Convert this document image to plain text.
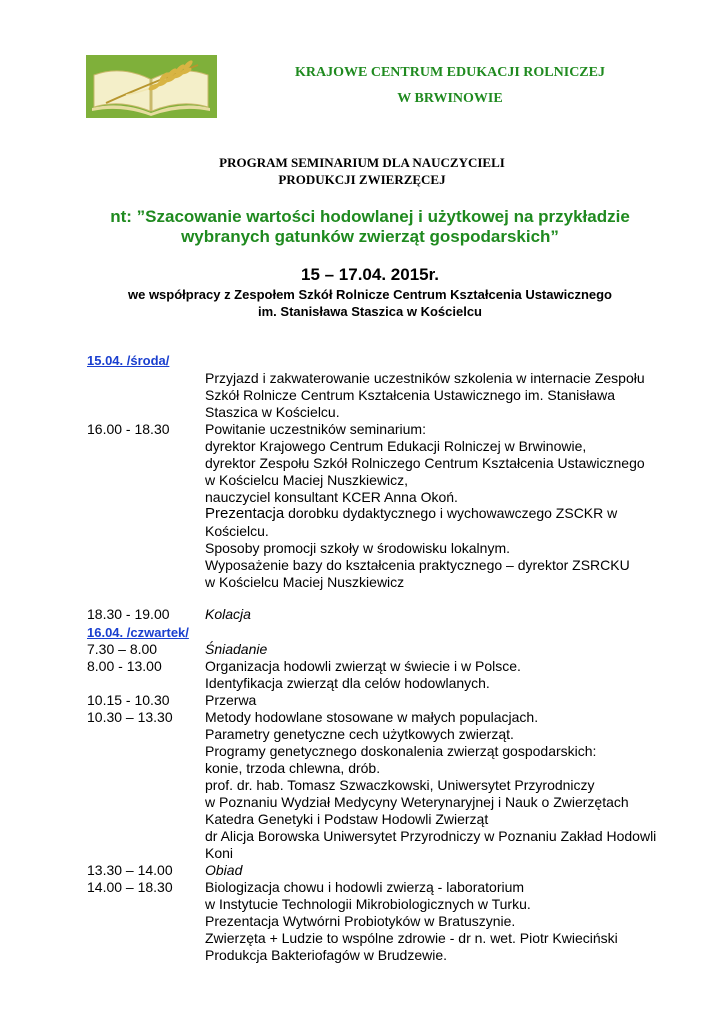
KRAJOWE CENTRUM EDUKACJI ROLNICZEJ
W BRWINOWIE
PROGRAM SEMINARIUM DLA NAUCZYCIELI
PRODUKCJI ZWIERZĘCEJ
nt: ”Szacowanie wartości hodowlanej i użytkowej na przykładzie
wybranych gatunków zwierząt gospodarskich”
15 – 17.04. 2015r.
we współpracy z Zespołem Szkół Rolnicze Centrum Kształcenia Ustawicznego
im. Stanisława Staszica w Kościelcu
15.04. /środa/
Przyjazd i zakwaterowanie uczestników szkolenia w internacie Zespołu
Szkół Rolnicze Centrum Kształcenia Ustawicznego im. Stanisława
Staszica w Kościelcu.
16.00 - 18.30	Powitanie uczestników seminarium:
dyrektor Krajowego Centrum Edukacji Rolniczej w Brwinowie,
dyrektor Zespołu Szkół Rolniczego Centrum Kształcenia Ustawicznego
w Kościelcu Maciej Nuszkiewicz,
nauczyciel konsultant KCER Anna Okoń.
Prezentacja dorobku dydaktycznego i wychowawczego ZSCKR w
Kościelcu.
Sposoby promocji szkoły w środowisku lokalnym.
Wyposażenie bazy do kształcenia praktycznego – dyrektor ZSRCKU
w Kościelcu Maciej Nuszkiewicz
18.30 - 19.00	Kolacja
16.04. /czwartek/
7.30 – 8.00	Śniadanie
8.00 - 13.00	Organizacja hodowli zwierząt w świecie i w Polsce.
Identyfikacja zwierząt dla celów hodowlanych.
10.15 - 10.30	Przerwa
10.30 – 13.30 Metody hodowlane stosowane w małych populacjach.
Parametry genetyczne cech użytkowych zwierząt.
Programy genetycznego doskonalenia zwierząt gospodarskich:
konie, trzoda chlewna, drób.
prof. dr. hab. Tomasz Szwaczkowski, Uniwersytet Przyrodniczy
w Poznaniu Wydział Medycyny Weterynaryjnej i Nauk o Zwierzętach
Katedra Genetyki i Podstaw Hodowli Zwierząt
dr Alicja Borowska Uniwersytet Przyrodniczy w Poznaniu Zakład Hodowli
Koni
13.30 – 14.00 Obiad
14.00 – 18.30 Biologizacja chowu i hodowli zwierzą - laboratorium
w Instytucie Technologii Mikrobiologicznych w Turku.
Prezentacja Wytwórni Probiotyków w Bratuszynie.
Zwierzęta + Ludzie to wspólne zdrowie - dr n. wet. Piotr Kwieciński
Produkcja Bakteriofagów w Brudzewie.
